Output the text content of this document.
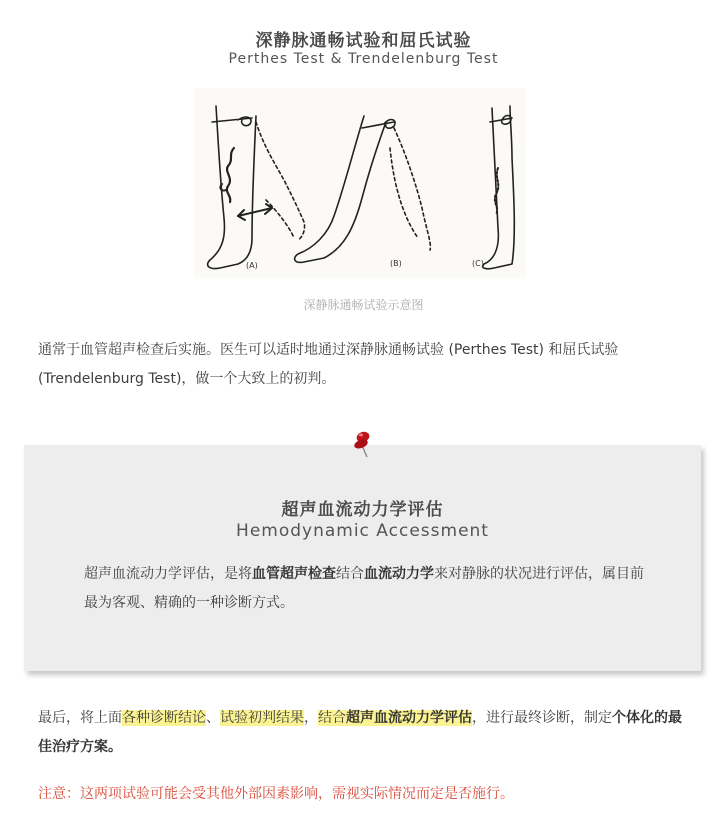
深静脉通畅试验和屈氏试验
Perthes Test & Trendelenburg Test
(A)	(B)	(C)
深静脉通畅试验示意图
通常于血管超声检查后实施。医生可以适时地通过深静脉通畅试验 (Perthes Test) 和屈氏试验 (Trendelenburg Test)，做一个大致上的初判。
超声血流动力学评估
Hemodynamic Accessment
超声血流动力学评估，是将血管超声检查结合血流动力学来对静脉的状况进行评估，属目前最为客观、精确的一种诊断方式。
最后，将上面各种诊断结论、试验初判结果，结合超声血流动力学评估，进行最终诊断，制定个体化的最佳治疗方案。
注意：这两项试验可能会受其他外部因素影响，需视实际情况而定是否施行。
